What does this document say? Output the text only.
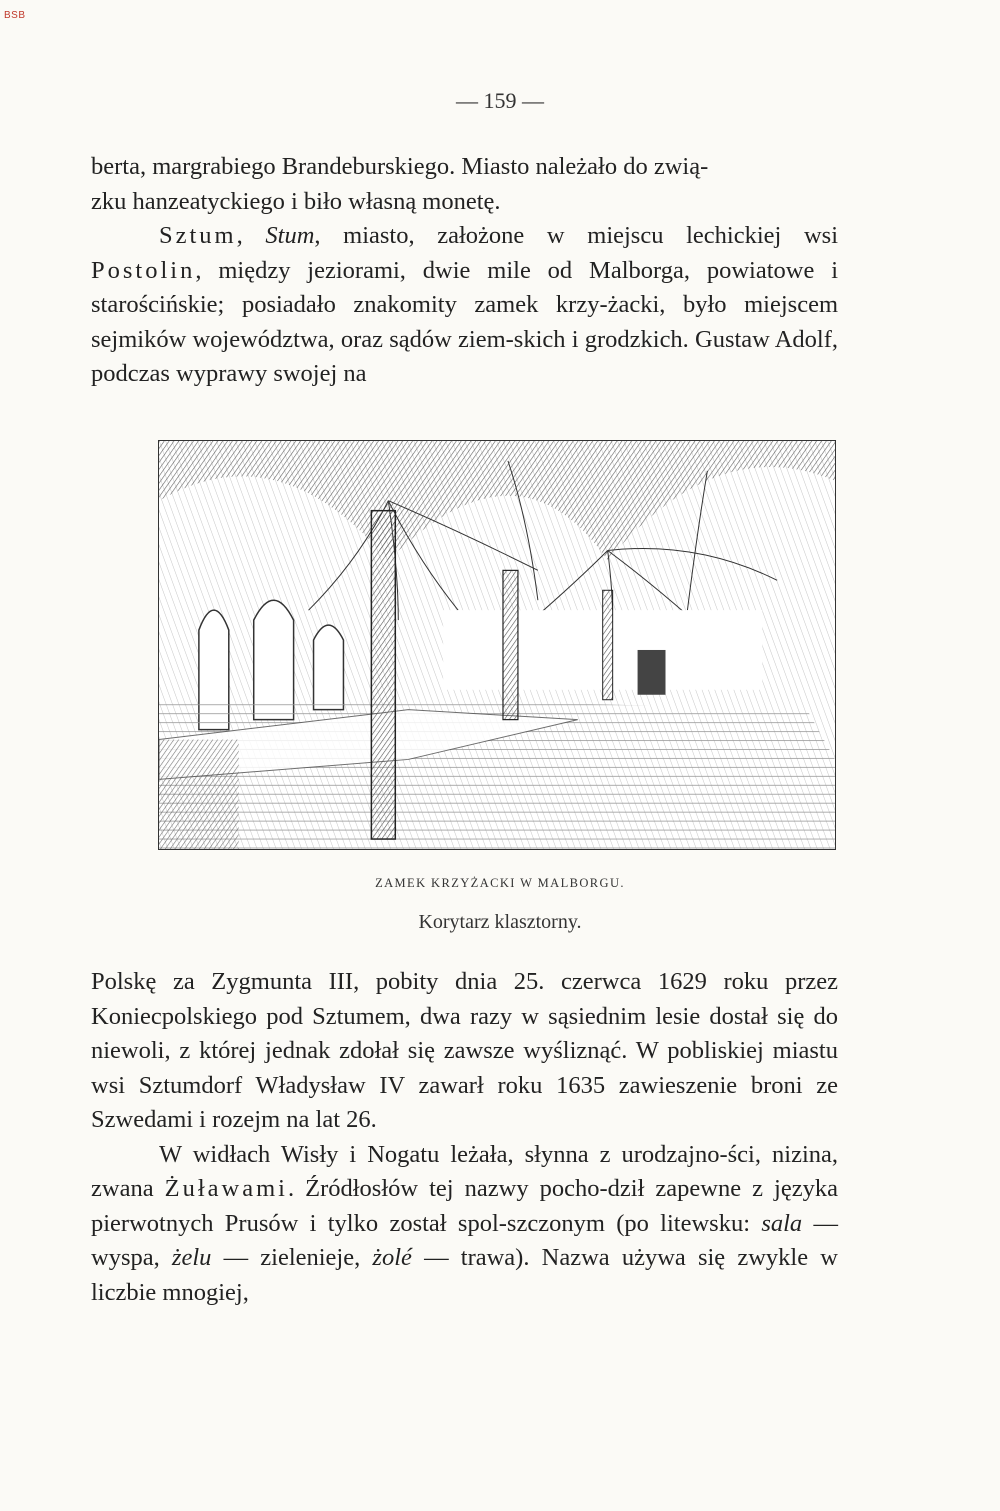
BSB
— 159 —

berta, margrabiego Brandeburskiego. Miasto należało do zwią-
zku hanzeatyckiego i biło własną monetę.

Sztum, Stum, miasto, założone w miejscu lechickiej wsi Postolin, między jeziorami, dwie mile od Malborga, powiatowe i starościńskie; posiadało znakomity zamek krzy-żacki, było miejscem sejmików województwa, oraz sądów ziem-skich i grodzkich. Gustaw Adolf, podczas wyprawy swojej na

ZAMEK KRZYŻACKI W MALBORGU.
Korytarz klasztorny.

Polskę za Zygmunta III, pobity dnia 25. czerwca 1629 roku przez Koniecpolskiego pod Sztumem, dwa razy w sąsiednim lesie dostał się do niewoli, z której jednak zdołał się zawsze wyśliznąć. W pobliskiej miastu wsi Sztumdorf Władysław IV zawarł roku 1635 zawieszenie broni ze Szwedami i rozejm na lat 26.

W widłach Wisły i Nogatu leżała, słynna z urodzajno-ści, nizina, zwana Żuławami. Źródłosłów tej nazwy pocho-dził zapewne z języka pierwotnych Prusów i tylko został spol-szczonym (po litewsku: sala — wyspa, żelu — zielenieje, żolé — trawa). Nazwa używa się zwykle w liczbie mnogiej,
